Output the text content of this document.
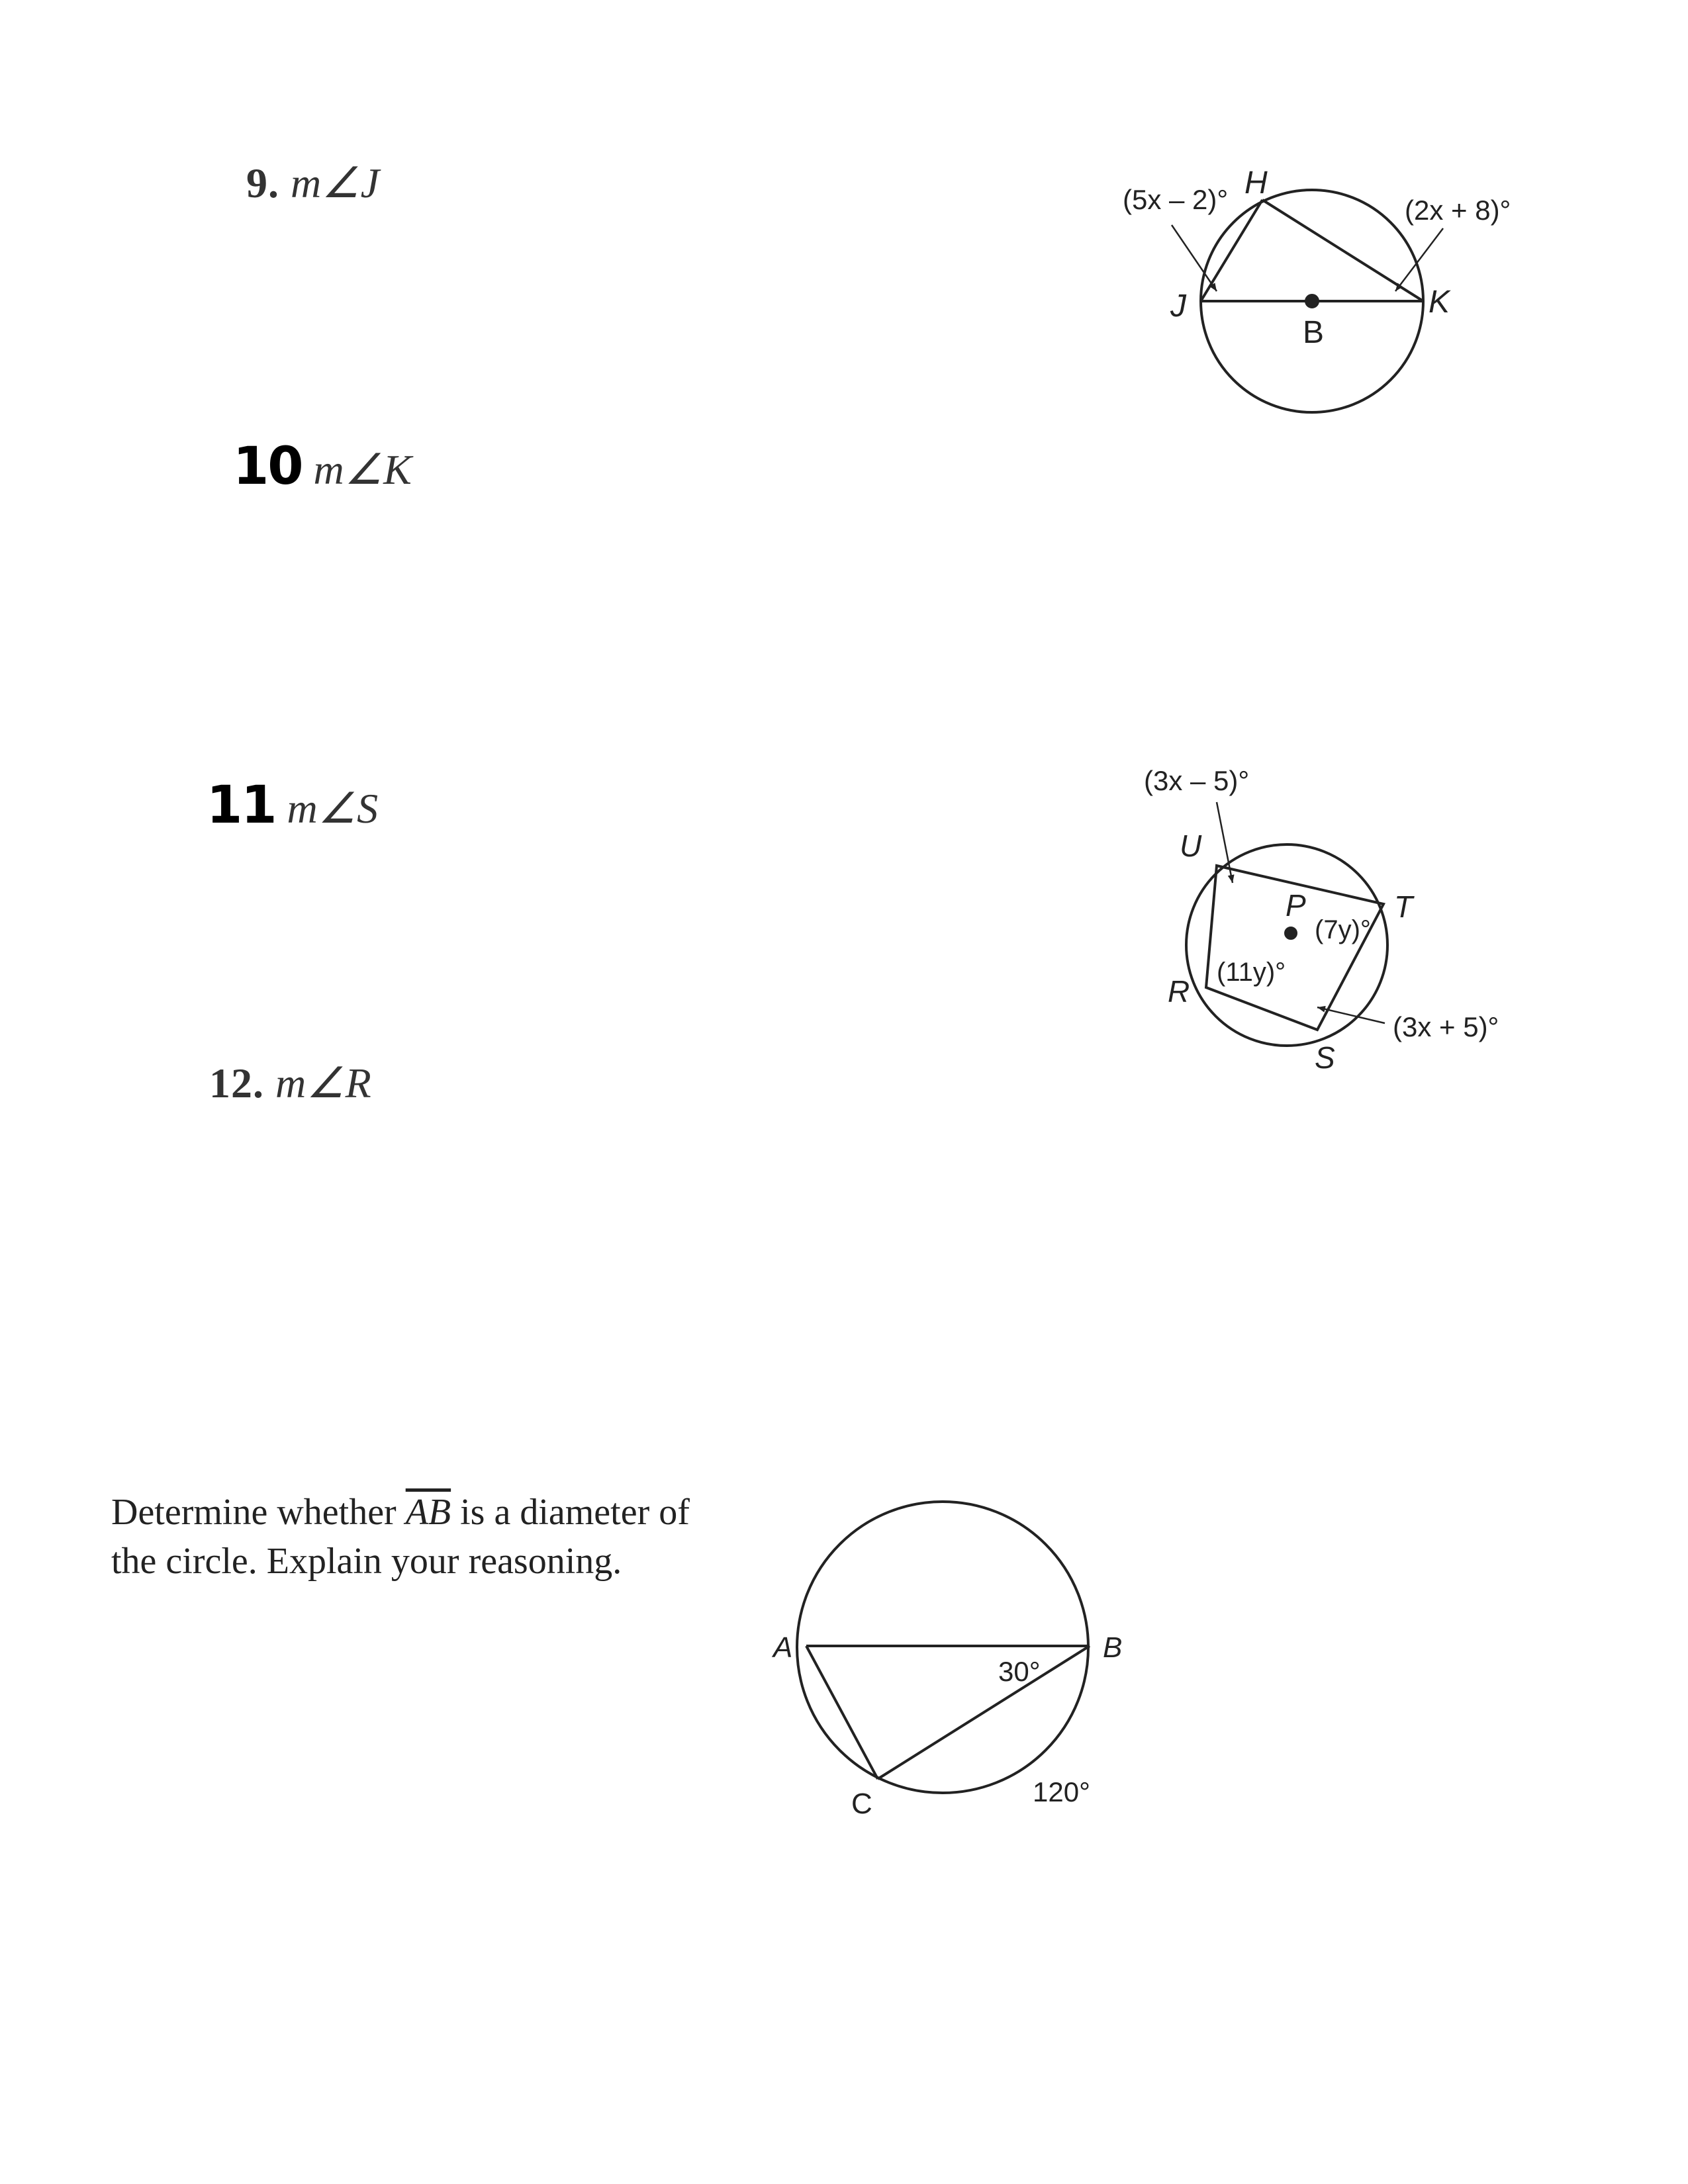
9. m∠J
10 m∠K
11 m∠S
12. m∠R
Determine whether $\overline{AB}$ is a diameter of
the circle. Explain your reasoning.
H
J	K
B
(5x – 2)°	(2x + 8)°
(3x – 5)°
U
P
(7y)°
T
(11y)°
R
(3x + 5)°
S
A	B
C
30°
120°
